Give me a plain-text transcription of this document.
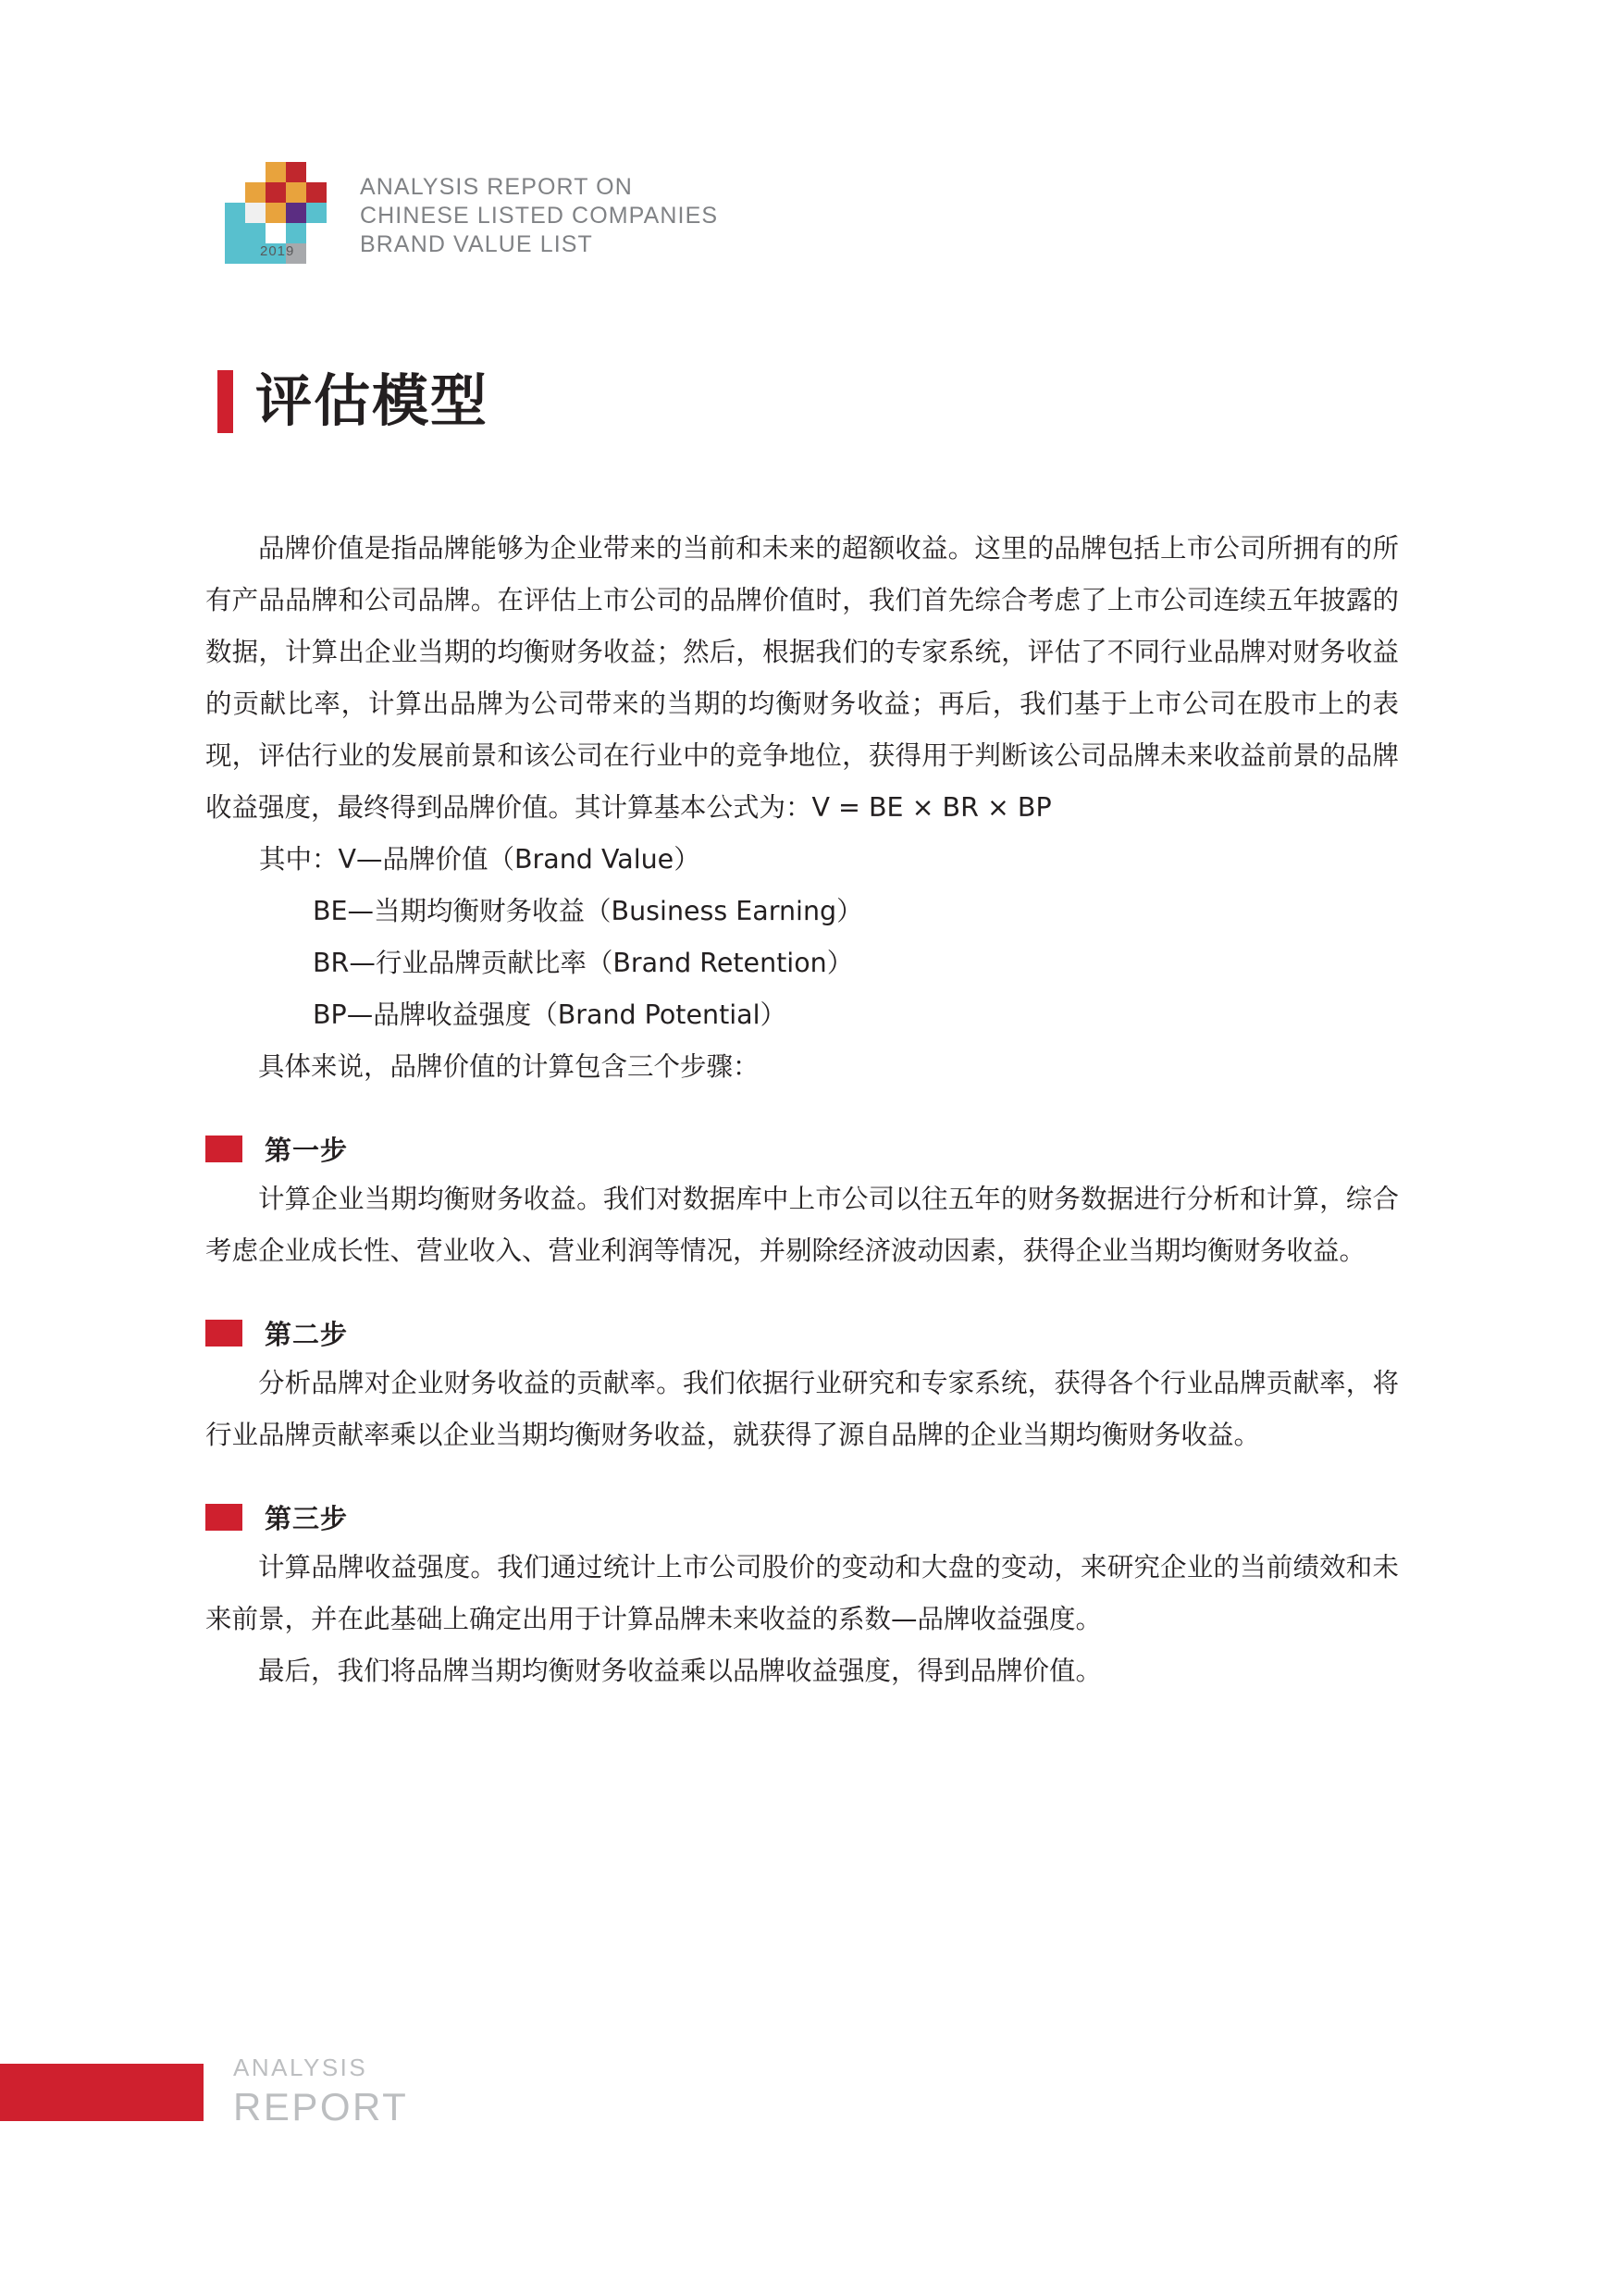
2019
ANALYSIS REPORT ON
CHINESE LISTED COMPANIES
BRAND VALUE LIST
评估模型

品牌价值是指品牌能够为企业带来的当前和未来的超额收益。这里的品牌包括上市公司所拥有的所有产品品牌和公司品牌。在评估上市公司的品牌价值时，我们首先综合考虑了上市公司连续五年披露的数据，计算出企业当期的均衡财务收益；然后，根据我们的专家系统，评估了不同行业品牌对财务收益的贡献比率，计算出品牌为公司带来的当期的均衡财务收益；再后，我们基于上市公司在股市上的表现，评估行业的发展前景和该公司在行业中的竞争地位，获得用于判断该公司品牌未来收益前景的品牌收益强度，最终得到品牌价值。其计算基本公式为：V = BE × BR × BP

其中：V—品牌价值（Brand Value）
BE—当期均衡财务收益（Business Earning）
BR—行业品牌贡献比率（Brand Retention）
BP—品牌收益强度（Brand Potential）

具体来说，品牌价值的计算包含三个步骤：

第一步

计算企业当期均衡财务收益。我们对数据库中上市公司以往五年的财务数据进行分析和计算，综合考虑企业成长性、营业收入、营业利润等情况，并剔除经济波动因素，获得企业当期均衡财务收益。

第二步

分析品牌对企业财务收益的贡献率。我们依据行业研究和专家系统，获得各个行业品牌贡献率，将行业品牌贡献率乘以企业当期均衡财务收益，就获得了源自品牌的企业当期均衡财务收益。

第三步

计算品牌收益强度。我们通过统计上市公司股价的变动和大盘的变动，来研究企业的当前绩效和未来前景，并在此基础上确定出用于计算品牌未来收益的系数—品牌收益强度。

最后，我们将品牌当期均衡财务收益乘以品牌收益强度，得到品牌价值。

ANALYSIS
REPORT
